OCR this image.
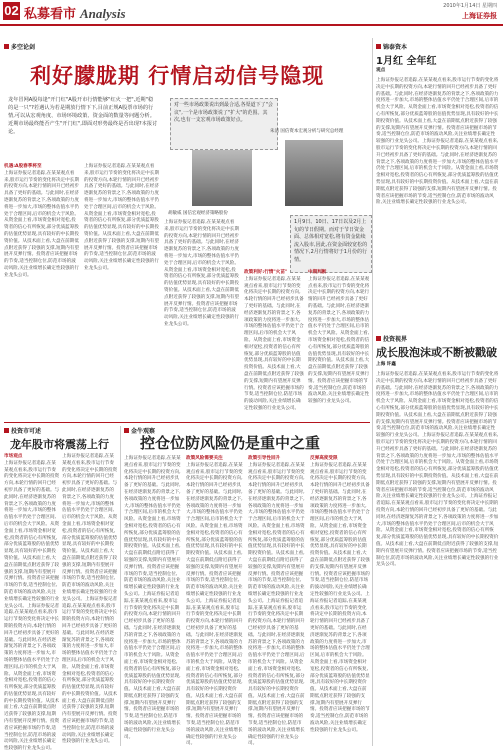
02 私募看市 Analysis	2010年1月14日 星期四
上海证券报
多空论剑
利好朦胧期 行情启动信号隐现
龙年冒网A股每逢"开门红"A股开市行情能够"红火一把",近期"稳的是一只"?若遇认为若是期放行情下下,目前正规A股票市场的行情,可以从宏观角度、市场环境政策、资金面的数量等问题分析。近期市场最终能否产生"开门红",即面对形势最终是否出现?本报讨论。
对一些市场政策说出到最合适,各渠道下了"会议",一个是市场政策说了"扩大"的范围。其次,也有一支宏观市场政策好点。
胡敏威 国信宏观经济策略股份
朱清 国信资本宏观分析与研究总经理
1月9日、10日、17日以及2月上旬的节日假期。而对于节日资金面、总体相对宽松,将有资金陆续流入股市,因此,在资金面较宽松的情况下,2月行情将好于1月份的行情。
机遇:A股春季将至
上海证券报记者追踪,在某某观点看来,股市运行节奏的变化将决定中长期的投资方向,本轮行情的回升已经初步具备了更好的基础。与此同时,在经济逐渐复苏的背景之下,各项政策的力度将进一步加大,市场的整体估值水平仍处于合理区间,后市的机会大于风险。从资金面上看,市场资金相对宽松,投资者的信心有所恢复,部分优质蓝筹股的估值优势显现,具有较好的中长期投资价值。从技术面上看,大盘在前期低点附近获得了较强的支撑,短期内有望展开反弹行情。投资者应该把握市场的节奏,适当控制仓位,防范市场的波动风险,关注业绩增长确定性较强的行业龙头公司。
上海证券报记者追踪,在某某观点看来,股市运行节奏的变化将决定中长期的投资方向,本轮行情的回升已经初步具备了更好的基础。与此同时,在经济逐渐复苏的背景之下,各项政策的力度将进一步加大,市场的整体估值水平仍处于合理区间,后市的机会大于风险。从资金面上看,市场资金相对宽松,投资者的信心有所恢复,部分优质蓝筹股的估值优势显现,具有较好的中长期投资价值。从技术面上看,大盘在前期低点附近获得了较强的支撑,短期内有望展开反弹行情。投资者应该把握市场的节奏,适当控制仓位,防范市场的波动风险,关注业绩增长确定性较强的行业龙头公司。
上海证券报记者追踪,在某某观点看来,股市运行节奏的变化将决定中长期的投资方向,本轮行情的回升已经初步具备了更好的基础。与此同时,在经济逐渐复苏的背景之下,各项政策的力度将进一步加大,市场的整体估值水平仍处于合理区间,后市的机会大于风险。从资金面上看,市场资金相对宽松,投资者的信心有所恢复,部分优质蓝筹股的估值优势显现,具有较好的中长期投资价值。从技术面上看,大盘在前期低点附近获得了较强的支撑,短期内有望展开反弹行情。投资者应该把握市场的节奏,适当控制仓位,防范市场的波动风险,关注业绩增长确定性较强的行业龙头公司。
政策利好:行情"火苗"
上海证券报记者追踪,在某某观点看来,股市运行节奏的变化将决定中长期的投资方向,本轮行情的回升已经初步具备了更好的基础。与此同时,在经济逐渐复苏的背景之下,各项政策的力度将进一步加大,市场的整体估值水平仍处于合理区间,后市的机会大于风险。从资金面上看,市场资金相对宽松,投资者的信心有所恢复,部分优质蓝筹股的估值优势显现,具有较好的中长期投资价值。从技术面上看,大盘在前期低点附近获得了较强的支撑,短期内有望展开反弹行情。投资者应该把握市场的节奏,适当控制仓位,防范市场的波动风险,关注业绩增长确定性较强的行业龙头公司。
中期判断
上海证券报记者追踪,在某某观点看来,股市运行节奏的变化将决定中长期的投资方向,本轮行情的回升已经初步具备了更好的基础。与此同时,在经济逐渐复苏的背景之下,各项政策的力度将进一步加大,市场的整体估值水平仍处于合理区间,后市的机会大于风险。从资金面上看,市场资金相对宽松,投资者的信心有所恢复,部分优质蓝筹股的估值优势显现,具有较好的中长期投资价值。从技术面上看,大盘在前期低点附近获得了较强的支撑,短期内有望展开反弹行情。投资者应该把握市场的节奏,适当控制仓位,防范市场的波动风险,关注业绩增长确定性较强的行业龙头公司。
锦泰资本
1月红 全年红
观点
上海证券报记者追踪,在某某观点看来,股市运行节奏的变化将决定中长期的投资方向,本轮行情的回升已经初步具备了更好的基础。与此同时,在经济逐渐复苏的背景之下,各项政策的力度将进一步加大,市场的整体估值水平仍处于合理区间,后市的机会大于风险。从资金面上看,市场资金相对宽松,投资者的信心有所恢复,部分优质蓝筹股的估值优势显现,具有较好的中长期投资价值。从技术面上看,大盘在前期低点附近获得了较强的支撑,短期内有望展开反弹行情。投资者应该把握市场的节奏,适当控制仓位,防范市场的波动风险,关注业绩增长确定性较强的行业龙头公司。上海证券报记者追踪,在某某观点看来,股市运行节奏的变化将决定中长期的投资方向,本轮行情的回升已经初步具备了更好的基础。与此同时,在经济逐渐复苏的背景之下,各项政策的力度将进一步加大,市场的整体估值水平仍处于合理区间,后市的机会大于风险。从资金面上看,市场资金相对宽松,投资者的信心有所恢复,部分优质蓝筹股的估值优势显现,具有较好的中长期投资价值。从技术面上看,大盘在前期低点附近获得了较强的支撑,短期内有望展开反弹行情。投资者应该把握市场的节奏,适当控制仓位,防范市场的波动风险,关注业绩增长确定性较强的行业龙头公司。
投资视界
成长股泡沫或不断被戳破
上海 许鑫
上海证券报记者追踪,在某某观点看来,股市运行节奏的变化将决定中长期的投资方向,本轮行情的回升已经初步具备了更好的基础。与此同时,在经济逐渐复苏的背景之下,各项政策的力度将进一步加大,市场的整体估值水平仍处于合理区间,后市的机会大于风险。从资金面上看,市场资金相对宽松,投资者的信心有所恢复,部分优质蓝筹股的估值优势显现,具有较好的中长期投资价值。从技术面上看,大盘在前期低点附近获得了较强的支撑,短期内有望展开反弹行情。投资者应该把握市场的节奏,适当控制仓位,防范市场的波动风险,关注业绩增长确定性较强的行业龙头公司。上海证券报记者追踪,在某某观点看来,股市运行节奏的变化将决定中长期的投资方向,本轮行情的回升已经初步具备了更好的基础。与此同时,在经济逐渐复苏的背景之下,各项政策的力度将进一步加大,市场的整体估值水平仍处于合理区间,后市的机会大于风险。从资金面上看,市场资金相对宽松,投资者的信心有所恢复,部分优质蓝筹股的估值优势显现,具有较好的中长期投资价值。从技术面上看,大盘在前期低点附近获得了较强的支撑,短期内有望展开反弹行情。投资者应该把握市场的节奏,适当控制仓位,防范市场的波动风险,关注业绩增长确定性较强的行业龙头公司。上海证券报记者追踪,在某某观点看来,股市运行节奏的变化将决定中长期的投资方向,本轮行情的回升已经初步具备了更好的基础。与此同时,在经济逐渐复苏的背景之下,各项政策的力度将进一步加大,市场的整体估值水平仍处于合理区间,后市的机会大于风险。从资金面上看,市场资金相对宽松,投资者的信心有所恢复,部分优质蓝筹股的估值优势显现,具有较好的中长期投资价值。从技术面上看,大盘在前期低点附近获得了较强的支撑,短期内有望展开反弹行情。投资者应该把握市场的节奏,适当控制仓位,防范市场的波动风险,关注业绩增长确定性较强的行业龙头公司。
投资市可述
龙年股市将震荡上行
市场观点
上海证券报记者追踪,在某某观点看来,股市运行节奏的变化将决定中长期的投资方向,本轮行情的回升已经初步具备了更好的基础。与此同时,在经济逐渐复苏的背景之下,各项政策的力度将进一步加大,市场的整体估值水平仍处于合理区间,后市的机会大于风险。从资金面上看,市场资金相对宽松,投资者的信心有所恢复,部分优质蓝筹股的估值优势显现,具有较好的中长期投资价值。从技术面上看,大盘在前期低点附近获得了较强的支撑,短期内有望展开反弹行情。投资者应该把握市场的节奏,适当控制仓位,防范市场的波动风险,关注业绩增长确定性较强的行业龙头公司。上海证券报记者追踪,在某某观点看来,股市运行节奏的变化将决定中长期的投资方向,本轮行情的回升已经初步具备了更好的基础。与此同时,在经济逐渐复苏的背景之下,各项政策的力度将进一步加大,市场的整体估值水平仍处于合理区间,后市的机会大于风险。从资金面上看,市场资金相对宽松,投资者的信心有所恢复,部分优质蓝筹股的估值优势显现,具有较好的中长期投资价值。从技术面上看,大盘在前期低点附近获得了较强的支撑,短期内有望展开反弹行情。投资者应该把握市场的节奏,适当控制仓位,防范市场的波动风险,关注业绩增长确定性较强的行业龙头公司。
上海证券报记者追踪,在某某观点看来,股市运行节奏的变化将决定中长期的投资方向,本轮行情的回升已经初步具备了更好的基础。与此同时,在经济逐渐复苏的背景之下,各项政策的力度将进一步加大,市场的整体估值水平仍处于合理区间,后市的机会大于风险。从资金面上看,市场资金相对宽松,投资者的信心有所恢复,部分优质蓝筹股的估值优势显现,具有较好的中长期投资价值。从技术面上看,大盘在前期低点附近获得了较强的支撑,短期内有望展开反弹行情。投资者应该把握市场的节奏,适当控制仓位,防范市场的波动风险,关注业绩增长确定性较强的行业龙头公司。上海证券报记者追踪,在某某观点看来,股市运行节奏的变化将决定中长期的投资方向,本轮行情的回升已经初步具备了更好的基础。与此同时,在经济逐渐复苏的背景之下,各项政策的力度将进一步加大,市场的整体估值水平仍处于合理区间,后市的机会大于风险。从资金面上看,市场资金相对宽松,投资者的信心有所恢复,部分优质蓝筹股的估值优势显现,具有较好的中长期投资价值。从技术面上看,大盘在前期低点附近获得了较强的支撑,短期内有望展开反弹行情。投资者应该把握市场的节奏,适当控制仓位,防范市场的波动风险,关注业绩增长确定性较强的行业龙头公司。
金牛观察
控仓位防风险仍是重中之重
上海证券报记者追踪,在某某观点看来,股市运行节奏的变化将决定中长期的投资方向,本轮行情的回升已经初步具备了更好的基础。与此同时,在经济逐渐复苏的背景之下,各项政策的力度将进一步加大,市场的整体估值水平仍处于合理区间,后市的机会大于风险。从资金面上看,市场资金相对宽松,投资者的信心有所恢复,部分优质蓝筹股的估值优势显现,具有较好的中长期投资价值。从技术面上看,大盘在前期低点附近获得了较强的支撑,短期内有望展开反弹行情。投资者应该把握市场的节奏,适当控制仓位,防范市场的波动风险,关注业绩增长确定性较强的行业龙头公司。上海证券报记者追踪,在某某观点看来,股市运行节奏的变化将决定中长期的投资方向,本轮行情的回升已经初步具备了更好的基础。与此同时,在经济逐渐复苏的背景之下,各项政策的力度将进一步加大,市场的整体估值水平仍处于合理区间,后市的机会大于风险。从资金面上看,市场资金相对宽松,投资者的信心有所恢复,部分优质蓝筹股的估值优势显现,具有较好的中长期投资价值。从技术面上看,大盘在前期低点附近获得了较强的支撑,短期内有望展开反弹行情。投资者应该把握市场的节奏,适当控制仓位,防范市场的波动风险,关注业绩增长确定性较强的行业龙头公司。
政策风险需要关注
上海证券报记者追踪,在某某观点看来,股市运行节奏的变化将决定中长期的投资方向,本轮行情的回升已经初步具备了更好的基础。与此同时,在经济逐渐复苏的背景之下,各项政策的力度将进一步加大,市场的整体估值水平仍处于合理区间,后市的机会大于风险。从资金面上看,市场资金相对宽松,投资者的信心有所恢复,部分优质蓝筹股的估值优势显现,具有较好的中长期投资价值。从技术面上看,大盘在前期低点附近获得了较强的支撑,短期内有望展开反弹行情。投资者应该把握市场的节奏,适当控制仓位,防范市场的波动风险,关注业绩增长确定性较强的行业龙头公司。上海证券报记者追踪,在某某观点看来,股市运行节奏的变化将决定中长期的投资方向,本轮行情的回升已经初步具备了更好的基础。与此同时,在经济逐渐复苏的背景之下,各项政策的力度将进一步加大,市场的整体估值水平仍处于合理区间,后市的机会大于风险。从资金面上看,市场资金相对宽松,投资者的信心有所恢复,部分优质蓝筹股的估值优势显现,具有较好的中长期投资价值。从技术面上看,大盘在前期低点附近获得了较强的支撑,短期内有望展开反弹行情。投资者应该把握市场的节奏,适当控制仓位,防范市场的波动风险,关注业绩增长确定性较强的行业龙头公司。
政策引导性回升
上海证券报记者追踪,在某某观点看来,股市运行节奏的变化将决定中长期的投资方向,本轮行情的回升已经初步具备了更好的基础。与此同时,在经济逐渐复苏的背景之下,各项政策的力度将进一步加大,市场的整体估值水平仍处于合理区间,后市的机会大于风险。从资金面上看,市场资金相对宽松,投资者的信心有所恢复,部分优质蓝筹股的估值优势显现,具有较好的中长期投资价值。从技术面上看,大盘在前期低点附近获得了较强的支撑,短期内有望展开反弹行情。投资者应该把握市场的节奏,适当控制仓位,防范市场的波动风险,关注业绩增长确定性较强的行业龙头公司。上海证券报记者追踪,在某某观点看来,股市运行节奏的变化将决定中长期的投资方向,本轮行情的回升已经初步具备了更好的基础。与此同时,在经济逐渐复苏的背景之下,各项政策的力度将进一步加大,市场的整体估值水平仍处于合理区间,后市的机会大于风险。从资金面上看,市场资金相对宽松,投资者的信心有所恢复,部分优质蓝筹股的估值优势显现,具有较好的中长期投资价值。从技术面上看,大盘在前期低点附近获得了较强的支撑,短期内有望展开反弹行情。投资者应该把握市场的节奏,适当控制仓位,防范市场的波动风险,关注业绩增长确定性较强的行业龙头公司。
反弹高度受限
上海证券报记者追踪,在某某观点看来,股市运行节奏的变化将决定中长期的投资方向,本轮行情的回升已经初步具备了更好的基础。与此同时,在经济逐渐复苏的背景之下,各项政策的力度将进一步加大,市场的整体估值水平仍处于合理区间,后市的机会大于风险。从资金面上看,市场资金相对宽松,投资者的信心有所恢复,部分优质蓝筹股的估值优势显现,具有较好的中长期投资价值。从技术面上看,大盘在前期低点附近获得了较强的支撑,短期内有望展开反弹行情。投资者应该把握市场的节奏,适当控制仓位,防范市场的波动风险,关注业绩增长确定性较强的行业龙头公司。上海证券报记者追踪,在某某观点看来,股市运行节奏的变化将决定中长期的投资方向,本轮行情的回升已经初步具备了更好的基础。与此同时,在经济逐渐复苏的背景之下,各项政策的力度将进一步加大,市场的整体估值水平仍处于合理区间,后市的机会大于风险。从资金面上看,市场资金相对宽松,投资者的信心有所恢复,部分优质蓝筹股的估值优势显现,具有较好的中长期投资价值。从技术面上看,大盘在前期低点附近获得了较强的支撑,短期内有望展开反弹行情。投资者应该把握市场的节奏,适当控制仓位,防范市场的波动风险,关注业绩增长确定性较强的行业龙头公司。
